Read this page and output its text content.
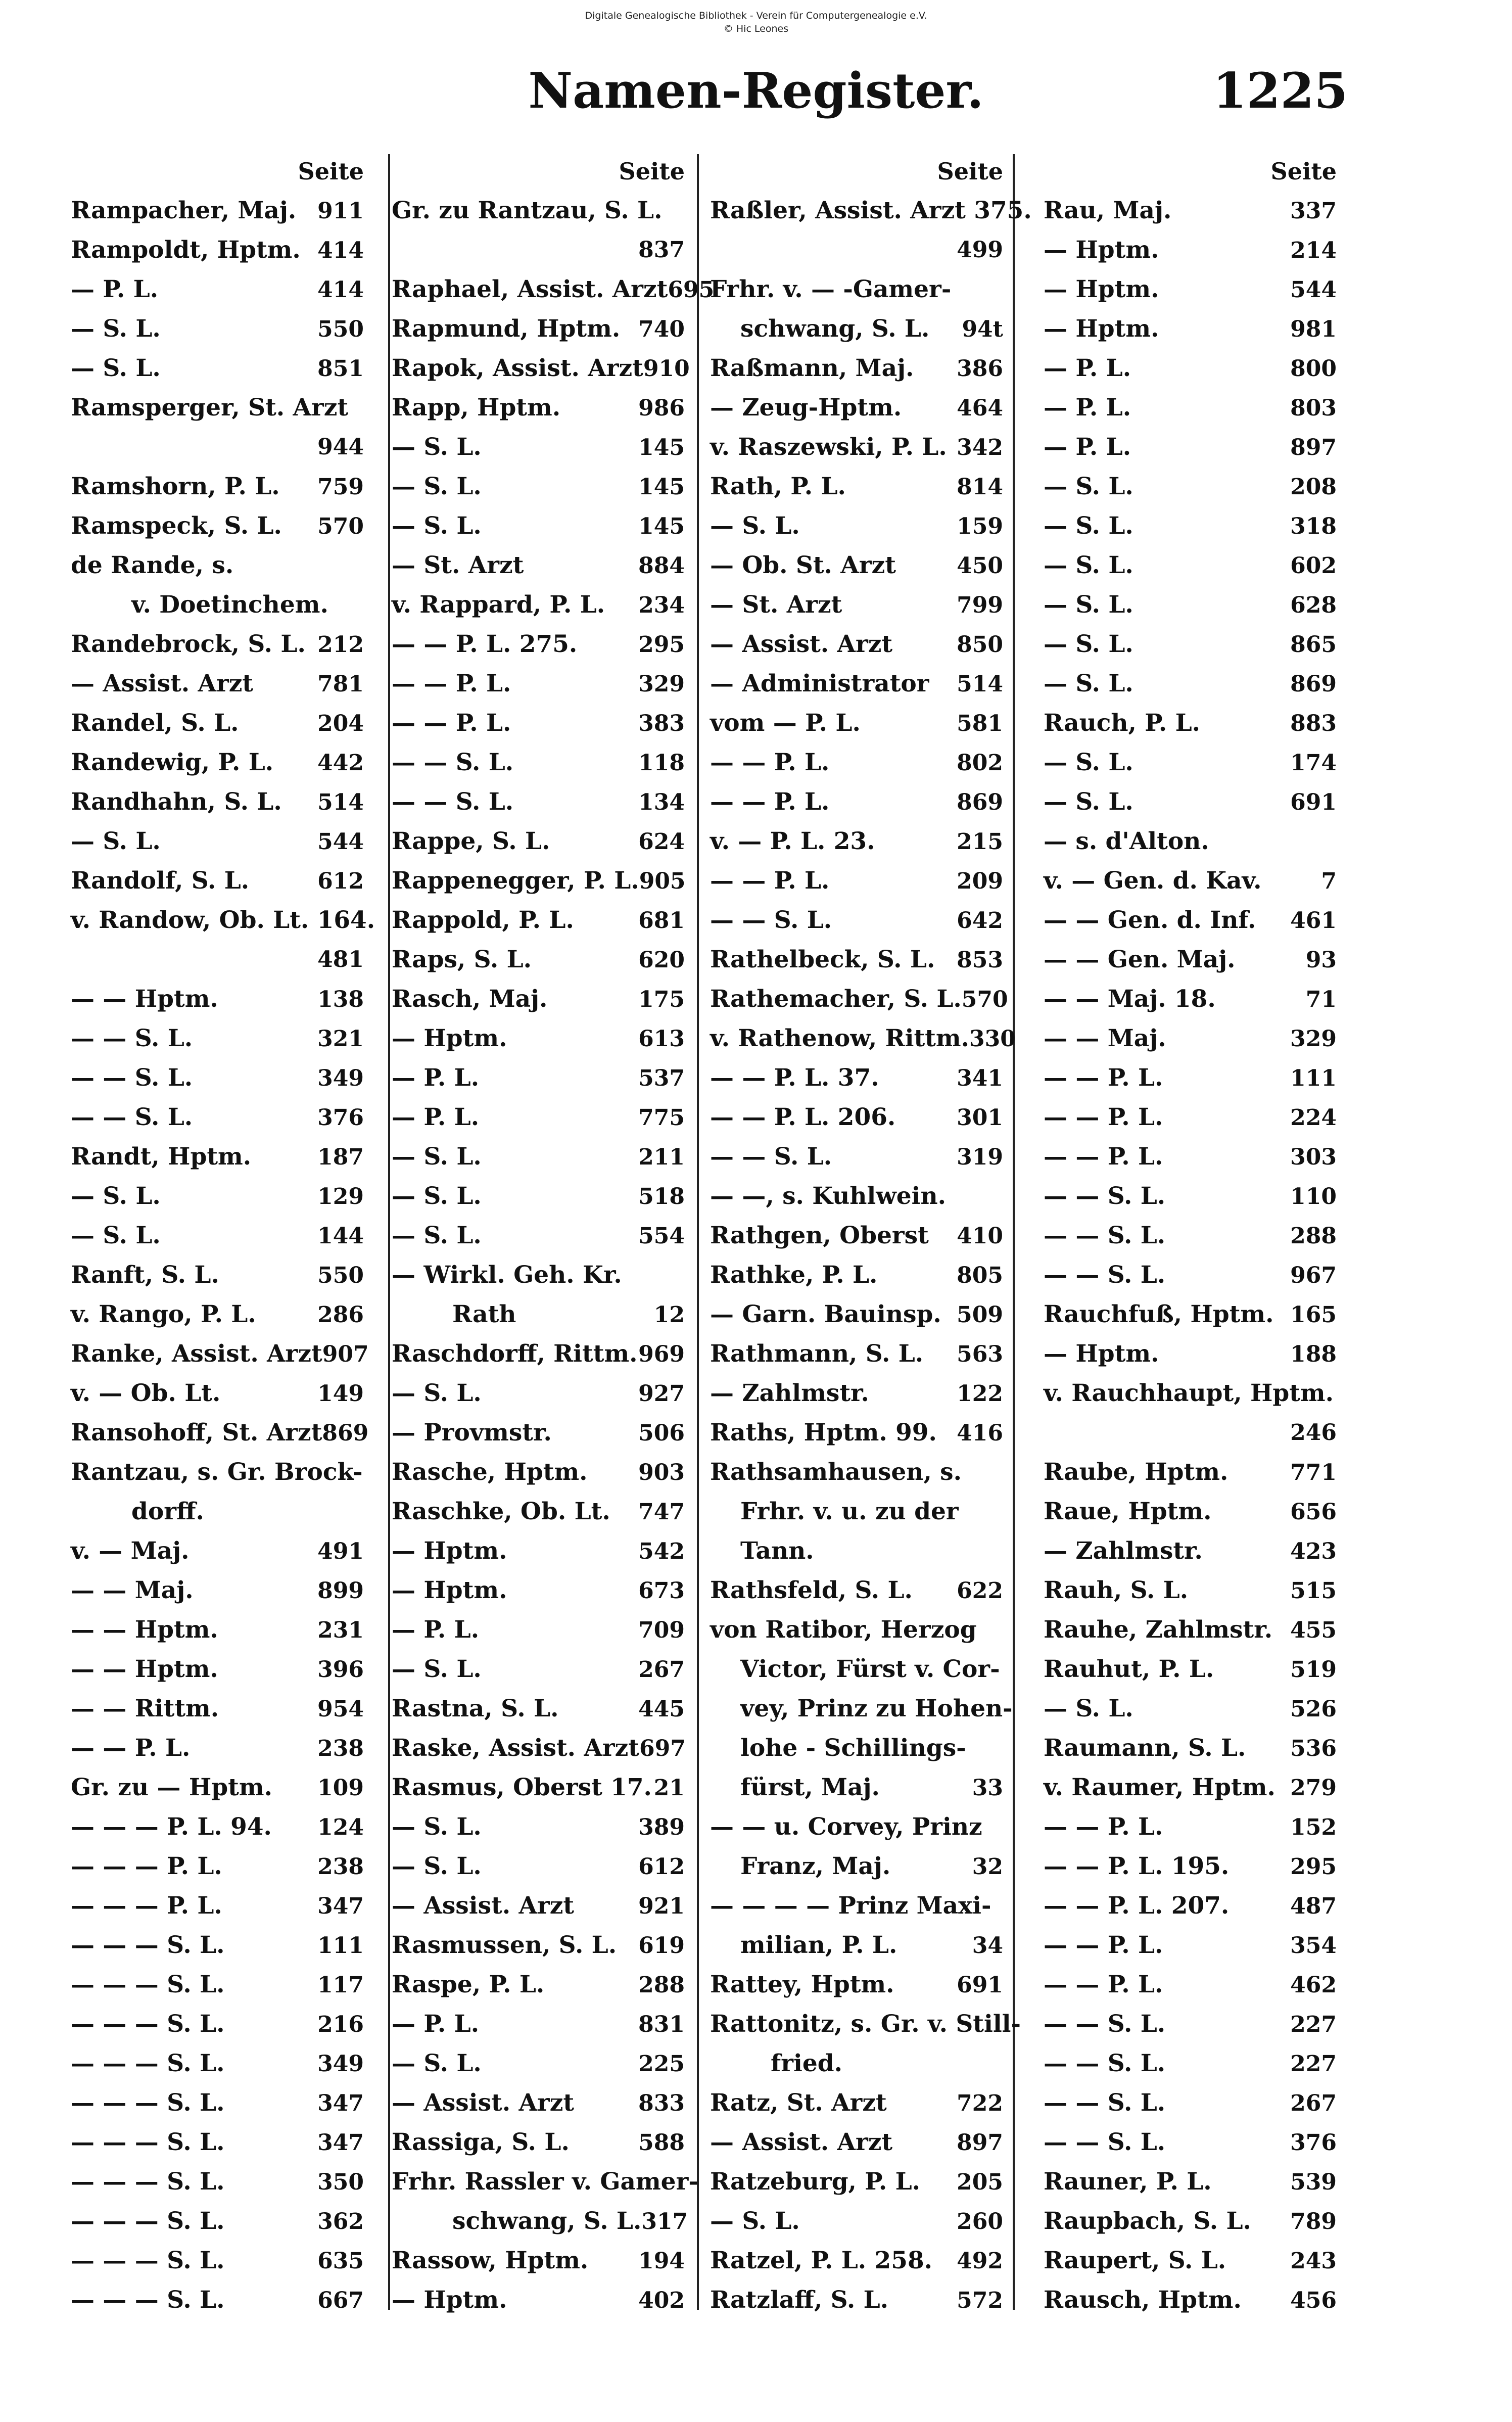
Digitale Genealogische Bibliothek - Verein für Computergenealogie e.V.
© Hic Leones
Namen-Register.	1225
Seite
Rampacher, Maj. 911
Rampoldt, Hptm. 414
— P. L.	414
— S. L.	550
— S. L.	851
Ramsperger, St. Arzt
944
Ramshorn, P. L.	759
Ramspeck, S. L.	570
de Rande, s.
v. Doetinchem.
Randebrock, S. L. 212
— Assist. Arzt	781
Randel, S. L.	204
Randewig, P. L.	442
Randhahn, S. L.	514
— S. L.	544
Randolf, S. L.	612
v. Randow, Ob. Lt. 164.
481
— — Hptm.	138
— — S. L.	321
— — S. L.	349
— — S. L.	376
Randt, Hptm.	187
— S. L.	129
— S. L.	144
Ranft, S. L.	550
v. Rango, P. L.	286
Ranke, Assist. Arzt 907
v. — Ob. Lt.	149
Ransohoff, St. Arzt 869
Rantzau, s. Gr. Brock-
dorff.
v. — Maj.	491
— — Maj.	899
— — Hptm.	231
— — Hptm.	396
— — Rittm.	954
— — P. L.	238
Gr. zu — Hptm.	109
— — — P. L. 94.	124
— — — P. L.	238
— — — P. L.	347
— — — S. L.	111
— — — S. L.	117
— — — S. L.	216
— — — S. L.	349
— — — S. L.	347
— — — S. L.	347
— — — S. L.	350
— — — S. L.	362
— — — S. L.	635
— — — S. L.	667
Seite
Gr. zu Rantzau, S. L.
837
Raphael, Assist. Arzt 695
Rapmund, Hptm. 740
Rapok, Assist. Arzt 910
Rapp, Hptm.	986
— S. L.	145
— S. L.	145
— S. L.	145
— St. Arzt	884
v. Rappard, P. L.	234
— — P. L. 275.	295
— — P. L.	329
— — P. L.	383
— — S. L.	118
— — S. L.	134
Rappe, S. L.	624
Rappenegger, P. L. 905
Rappold, P. L.	681
Raps, S. L.	620
Rasch, Maj.	175
— Hptm.	613
— P. L.	537
— P. L.	775
— S. L.	211
— S. L.	518
— S. L.	554
— Wirkl. Geh. Kr.
Rath	12
Raschdorff, Rittm. 969
— S. L.	927
— Provmstr.	506
Rasche, Hptm.	903
Raschke, Ob. Lt.	747
— Hptm.	542
— Hptm.	673
— P. L.	709
— S. L.	267
Rastna, S. L.	445
Raske, Assist. Arzt 697
Rasmus, Oberst 17. 21
— S. L.	389
— S. L.	612
— Assist. Arzt	921
Rasmussen, S. L. 619
Raspe, P. L.	288
— P. L.	831
— S. L.	225
— Assist. Arzt	833
Rassiga, S. L.	588
Frhr. Rassler v. Gamer-
schwang, S. L. 317
Rassow, Hptm.	194
— Hptm.	402
Seite
Raßler, Assist. Arzt 375.
499
Frhr. v. — -Gamer-
schwang, S. L.	94t
Raßmann, Maj.	386
— Zeug-Hptm.	464
v. Raszewski, P. L. 342
Rath, P. L.	814
— S. L.	159
— Ob. St. Arzt	450
— St. Arzt	799
— Assist. Arzt	850
— Administrator	514
vom — P. L.	581
— — P. L.	802
— — P. L.	869
v. — P. L. 23.	215
— — P. L.	209
— — S. L.	642
Rathelbeck, S. L. 853
Rathemacher, S. L. 570
v. Rathenow, Rittm. 330
— — P. L. 37.	341
— — P. L. 206.	301
— — S. L.	319
— —, s. Kuhlwein.
Rathgen, Oberst	410
Rathke, P. L.	805
— Garn. Bauinsp. 509
Rathmann, S. L.	563
— Zahlmstr.	122
Raths, Hptm. 99. 416
Rathsamhausen, s.
Frhr. v. u. zu der
Tann.
Rathsfeld, S. L.	622
von Ratibor, Herzog
Victor, Fürst v. Cor-
vey, Prinz zu Hohen-
lohe - Schillings-
fürst, Maj.	33
— — u. Corvey, Prinz
Franz, Maj.	32
— — — — Prinz Maxi-
milian, P. L.	34
Rattey, Hptm.	691
Rattonitz, s. Gr. v. Still-
fried.
Ratz, St. Arzt	722
— Assist. Arzt	897
Ratzeburg, P. L.	205
— S. L.	260
Ratzel, P. L. 258.	492
Ratzlaff, S. L.	572
Seite
Rau, Maj.	337
— Hptm.	214
— Hptm.	544
— Hptm.	981
— P. L.	800
— P. L.	803
— P. L.	897
— S. L.	208
— S. L.	318
— S. L.	602
— S. L.	628
— S. L.	865
— S. L.	869
Rauch, P. L.	883
— S. L.	174
— S. L.	691
— s. d'Alton.
v. — Gen. d. Kav.	7
— — Gen. d. Inf.	461
— — Gen. Maj.	93
— — Maj. 18.	71
— — Maj.	329
— — P. L.	111
— — P. L.	224
— — P. L.	303
— — S. L.	110
— — S. L.	288
— — S. L.	967
Rauchfuß, Hptm. 165
— Hptm.	188
v. Rauchhaupt, Hptm.
246
Raube, Hptm.	771
Raue, Hptm.	656
— Zahlmstr.	423
Rauh, S. L.	515
Rauhe, Zahlmstr. 455
Rauhut, P. L.	519
— S. L.	526
Raumann, S. L.	536
v. Raumer, Hptm. 279
— — P. L.	152
— — P. L. 195.	295
— — P. L. 207.	487
— — P. L.	354
— — P. L.	462
— — S. L.	227
— — S. L.	227
— — S. L.	267
— — S. L.	376
Rauner, P. L.	539
Raupbach, S. L.	789
Raupert, S. L.	243
Rausch, Hptm.	456
